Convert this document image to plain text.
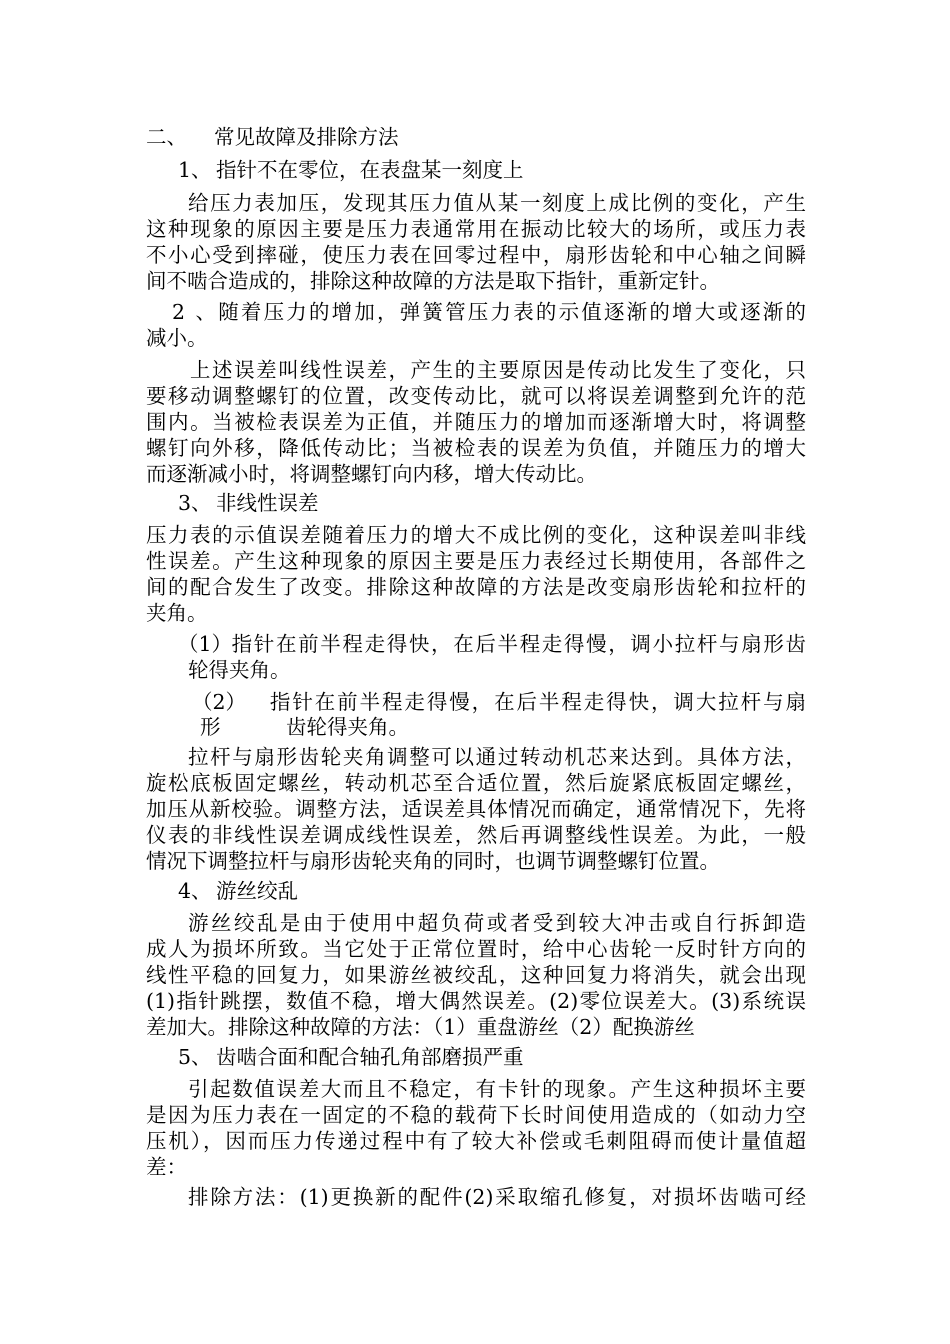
二、 常见故障及排除方法
1、 指针不在零位，在表盘某一刻度上
给压力表加压，发现其压力值从某一刻度上成比例的变化，产生
这种现象的原因主要是压力表通常用在振动比较大的场所，或压力表
不小心受到摔碰，使压力表在回零过程中，扇形齿轮和中心轴之间瞬
间不啮合造成的，排除这种故障的方法是取下指针，重新定针。
2、随着压力的增加，弹簧管压力表的示值逐渐的增大或逐渐的
减小。
上述误差叫线性误差，产生的主要原因是传动比发生了变化，只
要移动调整螺钉的位置，改变传动比，就可以将误差调整到允许的范
围内。当被检表误差为正值，并随压力的增加而逐渐增大时，将调整
螺钉向外移，降低传动比；当被检表的误差为负值，并随压力的增大
而逐渐减小时，将调整螺钉向内移，增大传动比。
3、 非线性误差
压力表的示值误差随着压力的增大不成比例的变化，这种误差叫非线
性误差。产生这种现象的原因主要是压力表经过长期使用，各部件之
间的配合发生了改变。排除这种故障的方法是改变扇形齿轮和拉杆的
夹角。
（1）指针在前半程走得快，在后半程走得慢，调小拉杆与扇形齿
轮得夹角。
（2） 指针在前半程走得慢，在后半程走得快，调大拉杆与扇
形	齿轮得夹角。
拉杆与扇形齿轮夹角调整可以通过转动机芯来达到。具体方法，
旋松底板固定螺丝，转动机芯至合适位置，然后旋紧底板固定螺丝，
加压从新校验。调整方法，适误差具体情况而确定，通常情况下，先将
仪表的非线性误差调成线性误差，然后再调整线性误差。为此，一般
情况下调整拉杆与扇形齿轮夹角的同时，也调节调整螺钉位置。
4、 游丝绞乱
游丝绞乱是由于使用中超负荷或者受到较大冲击或自行拆卸造
成人为损坏所致。当它处于正常位置时，给中心齿轮一反时针方向的
线性平稳的回复力，如果游丝被绞乱，这种回复力将消失，就会出现
(1)指针跳摆，数值不稳，增大偶然误差。(2)零位误差大。(3)系统误
差加大。排除这种故障的方法：（1）重盘游丝（2）配换游丝
5、 齿啮合面和配合轴孔角部磨损严重
引起数值误差大而且不稳定，有卡针的现象。产生这种损坏主要
是因为压力表在一固定的不稳的载荷下长时间使用造成的（如动力空
压机），因而压力传递过程中有了较大补偿或毛刺阻碍而使计量值超
差：
排除方法：(1)更换新的配件(2)采取缩孔修复，对损坏齿啮可经
